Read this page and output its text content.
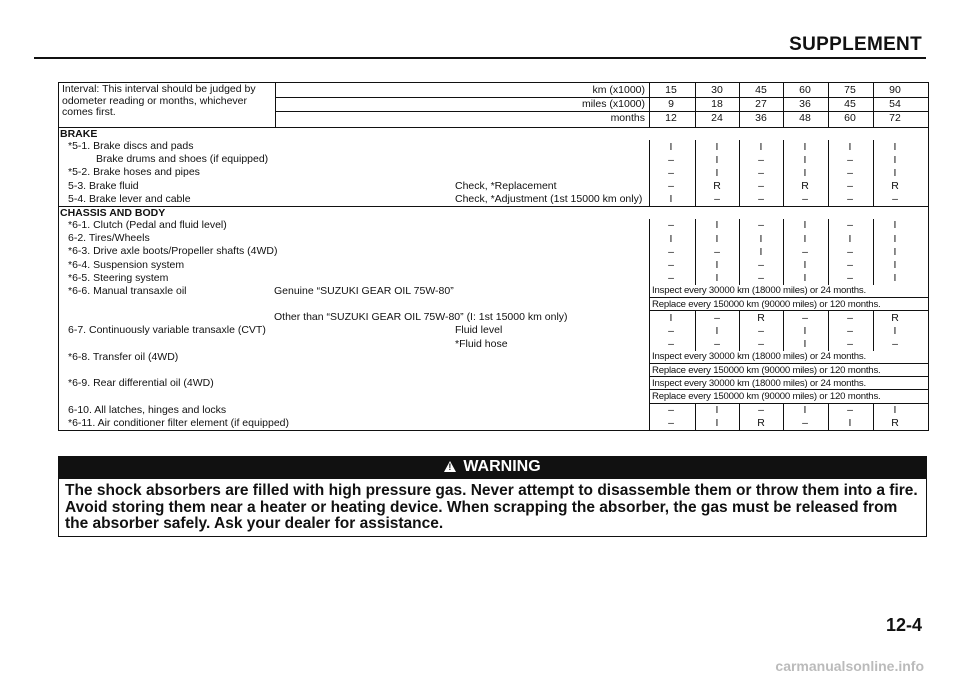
SUPPLEMENT
Interval: This interval should be judged by odometer reading or months, whichever comes first.
km (x1000)	15	30	45	60	75	90
miles (x1000)	9	18	27	36	45	54
months	12	24	36	48	60	72
BRAKE
*5-1. Brake discs and pads	I	I	I	I	I	I
Brake drums and shoes (if equipped)	–	I	–	I	–	I
*5-2. Brake hoses and pipes	–	I	–	I	–	I
5-3. Brake fluid	Check, *Replacement	–	R	–	R	–	R
5-4. Brake lever and cable	Check, *Adjustment (1st 15000 km only)	I	–	–	–	–	–
CHASSIS AND BODY
*6-1. Clutch (Pedal and fluid level)	–	I	–	I	–	I
6-2. Tires/Wheels	I	I	I	I	I	I
*6-3. Drive axle boots/Propeller shafts (4WD)	–	–	I	–	–	I
*6-4. Suspension system	–	I	–	I	–	I
*6-5. Steering system	–	I	–	I	–	I
*6-6. Manual transaxle oil	Genuine “SUZUKI GEAR OIL 75W-80”	Inspect every 30000 km (18000 miles) or 24 months.
Replace every 150000 km (90000 miles) or 120 months.
Other than “SUZUKI GEAR OIL 75W-80” (I: 1st 15000 km only)	I	–	R	–	–	R
6-7. Continuously variable transaxle (CVT)	Fluid level	–	I	–	I	–	I
*Fluid hose	–	–	–	I	–	–
*6-8. Transfer oil (4WD)	Inspect every 30000 km (18000 miles) or 24 months.
Replace every 150000 km (90000 miles) or 120 months.
*6-9. Rear differential oil (4WD)	Inspect every 30000 km (18000 miles) or 24 months.
Replace every 150000 km (90000 miles) or 120 months.
6-10. All latches, hinges and locks	–	I	–	I	–	I
*6-11. Air conditioner filter element (if equipped)	–	I	R	–	I	R
!WARNING
The shock absorbers are filled with high pressure gas. Never attempt to disassemble them or throw them into a fire. Avoid storing them near a heater or heating device. When scrapping the absorber, the gas must be released from the absorber safely. Ask your dealer for assistance.
12-4
carmanualsonline.info
